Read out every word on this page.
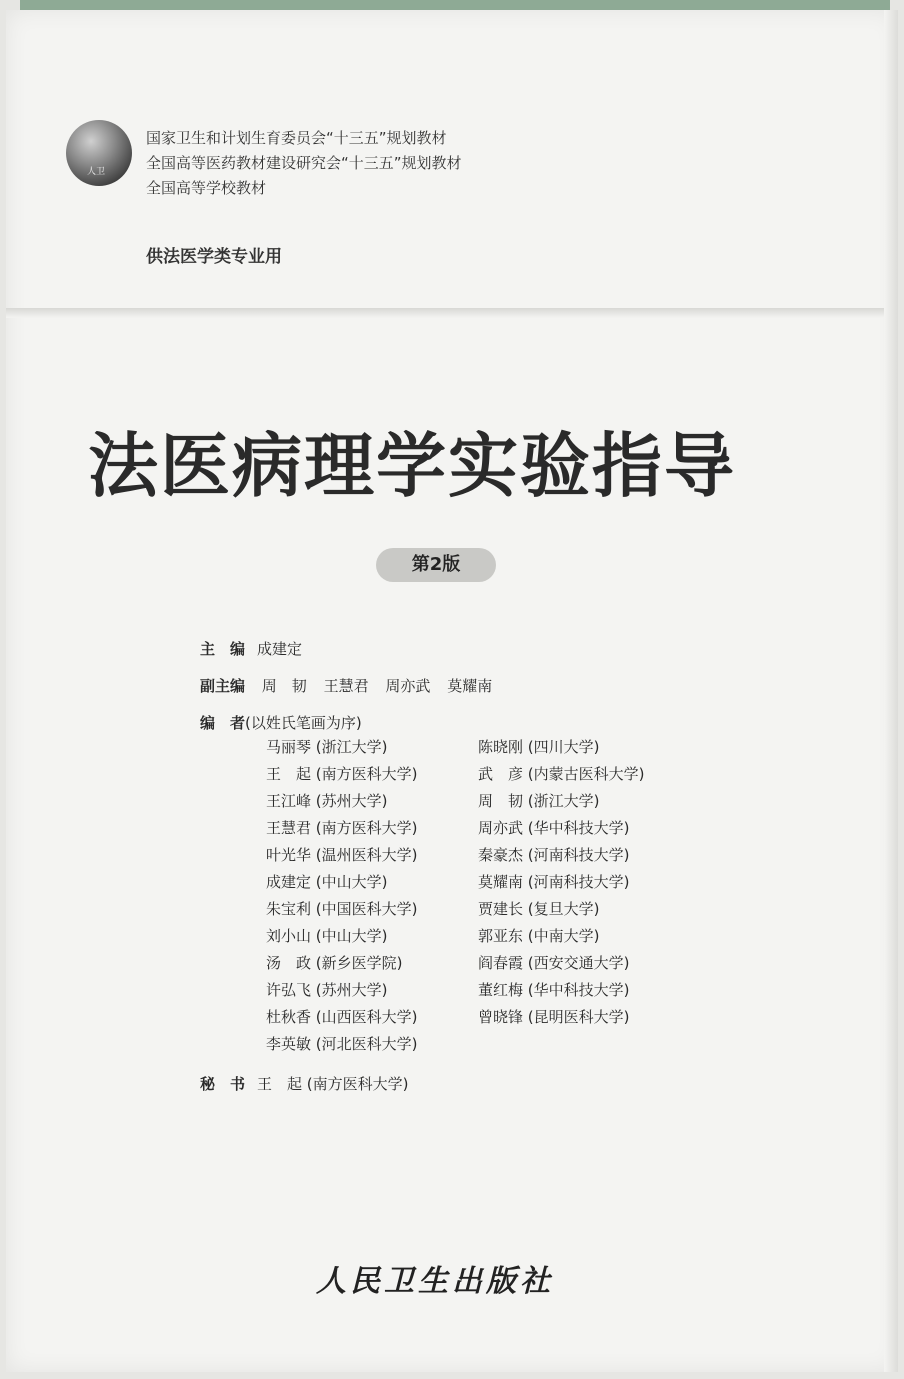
人卫
国家卫生和计划生育委员会“十三五”规划教材
全国高等医药教材建设研究会“十三五”规划教材
全国高等学校教材
供法医学类专业用
法医病理学实验指导
第2版
主　编 成建定
副主编 周　韧 王慧君 周亦武 莫耀南
编　者(以姓氏笔画为序)
马丽琴 (浙江大学)
王　起 (南方医科大学)
王江峰 (苏州大学)
王慧君 (南方医科大学)
叶光华 (温州医科大学)
成建定 (中山大学)
朱宝利 (中国医科大学)
刘小山 (中山大学)
汤　政 (新乡医学院)
许弘飞 (苏州大学)
杜秋香 (山西医科大学)
李英敏 (河北医科大学)
陈晓刚 (四川大学)
武　彦 (内蒙古医科大学)
周　韧 (浙江大学)
周亦武 (华中科技大学)
秦豪杰 (河南科技大学)
莫耀南 (河南科技大学)
贾建长 (复旦大学)
郭亚东 (中南大学)
阎春霞 (西安交通大学)
董红梅 (华中科技大学)
曾晓锋 (昆明医科大学)
秘　书 王　起 (南方医科大学)
人民卫生出版社
